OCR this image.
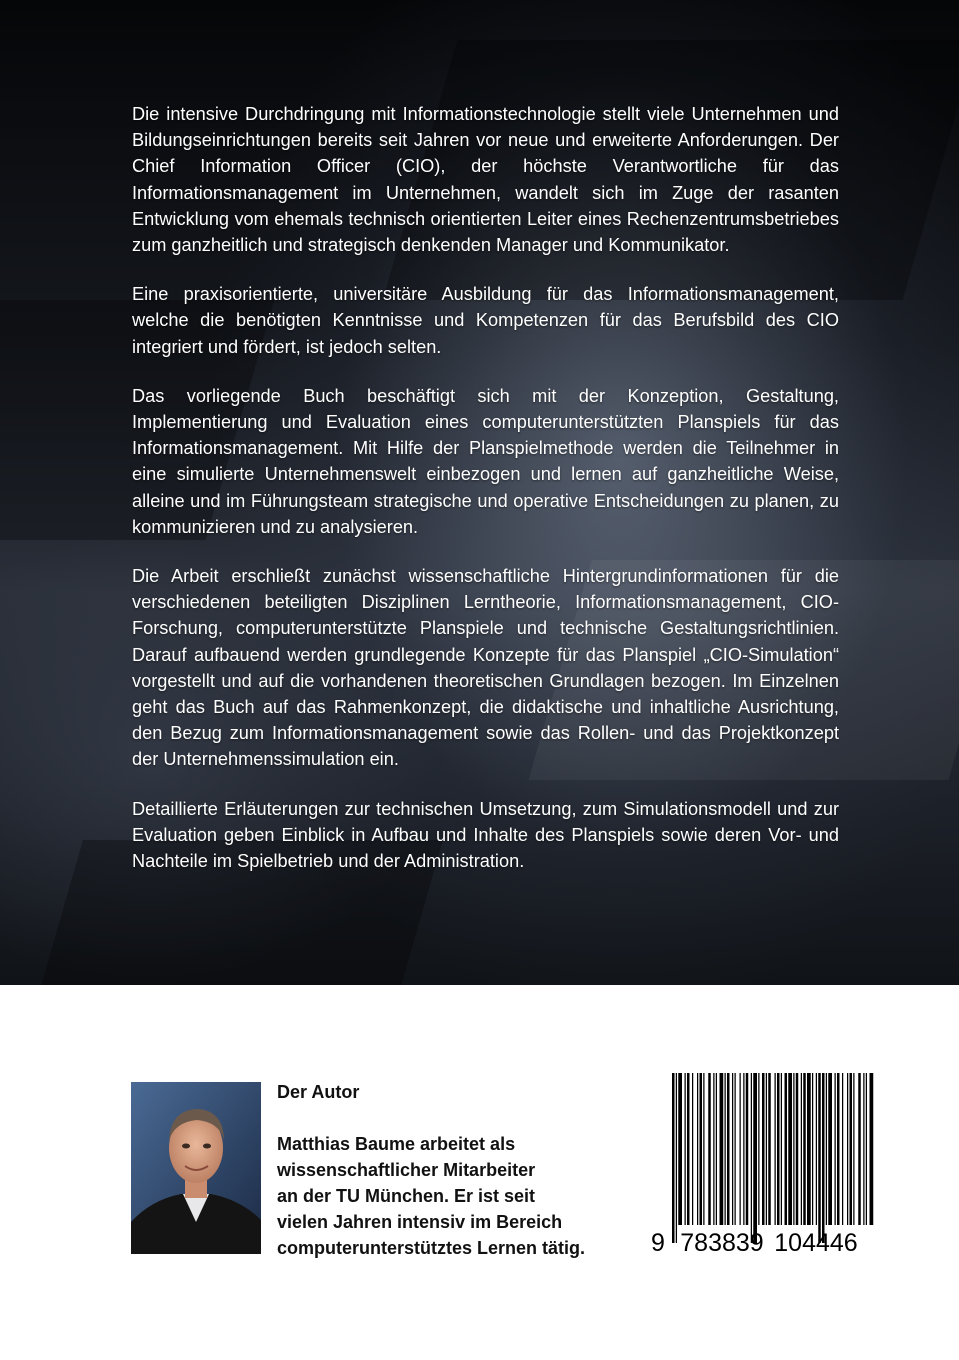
Die intensive Durchdringung mit Informationstechnologie stellt viele Unternehmen und Bildungseinrichtungen bereits seit Jahren vor neue und erweiterte Anforderungen. Der Chief Information Officer (CIO), der höchste Verantwortliche für das Informationsmanagement im Unternehmen, wandelt sich im Zuge der rasanten Entwicklung vom ehemals technisch orientierten Leiter eines Rechenzentrumsbetriebes zum ganzheitlich und strategisch denkenden Manager und Kommunikator.

Eine praxisorientierte, universitäre Ausbildung für das Informationsmanagement, welche die benötigten Kenntnisse und Kompetenzen für das Berufsbild des CIO integriert und fördert, ist jedoch selten.

Das vorliegende Buch beschäftigt sich mit der Konzeption, Gestaltung, Implementierung und Evaluation eines computerunterstützten Planspiels für das Informationsmanagement. Mit Hilfe der Planspielmethode werden die Teilnehmer in eine simulierte Unternehmenswelt einbezogen und lernen auf ganzheitliche Weise, alleine und im Führungsteam strategische und operative Entscheidungen zu planen, zu kommunizieren und zu analysieren.

Die Arbeit erschließt zunächst wissenschaftliche Hintergrundinformationen für die verschiedenen beteiligten Disziplinen Lerntheorie, Informationsmanagement, CIO-Forschung, computerunterstützte Planspiele und technische Gestaltungsrichtlinien. Darauf aufbauend werden grundlegende Konzepte für das Planspiel „CIO-Simulation“ vorgestellt und auf die vorhandenen theoretischen Grundlagen bezogen. Im Einzelnen geht das Buch auf das Rahmenkonzept, die didaktische und inhaltliche Ausrichtung, den Bezug zum Informationsmanagement sowie das Rollen- und das Projektkonzept der Unternehmenssimulation ein.

Detaillierte Erläuterungen zur technischen Umsetzung, zum Simulationsmodell und zur Evaluation geben Einblick in Aufbau und Inhalte des Planspiels sowie deren Vor- und Nachteile im Spielbetrieb und der Administration.

Der Autor
Matthias Baume arbeitet als
wissenschaftlicher Mitarbeiter
an der TU München. Er ist seit
vielen Jahren intensiv im Bereich
computerunterstütztes Lernen tätig.	9 783839 104446
